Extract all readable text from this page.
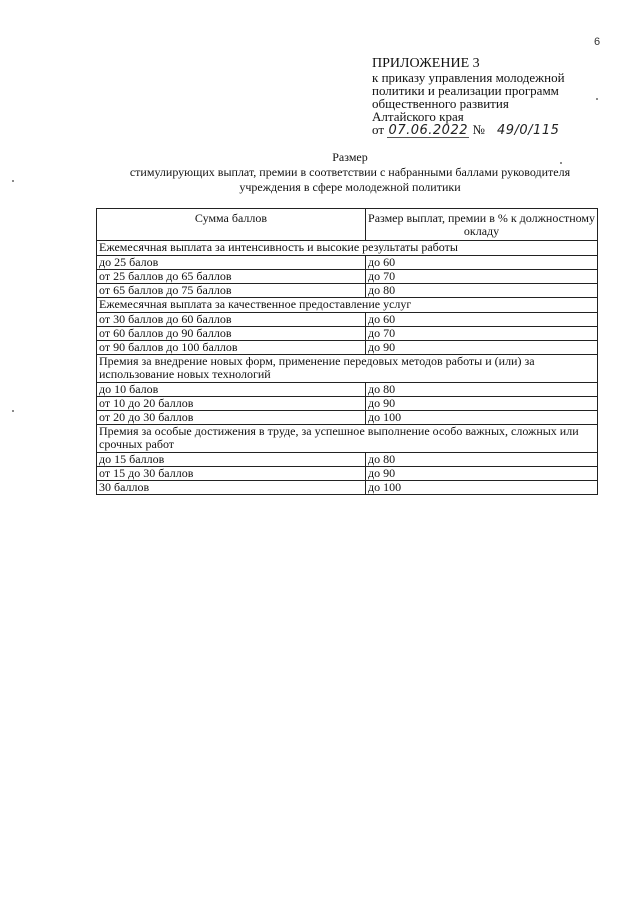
6
ПРИЛОЖЕНИЕ 3
к приказу управления молодежной
политики и реализации программ
общественного развития
Алтайского края
от 07.06.2022 № 49/0/115
Размер
стимулирующих выплат, премии в соответствии с набранными баллами руководителя
учреждения в сфере молодежной политики
Сумма баллов	Размер выплат, премии в % к должностному окладу
Ежемесячная выплата за интенсивность и высокие результаты работы	
до 25 балов	до 60
от 25 баллов до 65 баллов	до 70
от 65 баллов до 75 баллов	до 80
Ежемесячная выплата за качественное предоставление услуг	
от 30 баллов до 60 баллов	до 60
от 60 баллов до 90 баллов	до 70
от 90 баллов до 100 баллов	до 90
Премия за внедрение новых форм, применение передовых методов работы и (или) за использование новых технологий	
до 10 балов	до 80
от 10 до 20 баллов	до 90
от 20 до 30 баллов	до 100
Премия за особые достижения в труде, за успешное выполнение особо важных, сложных или срочных работ	
до 15 баллов	до 80
от 15 до 30 баллов	до 90
30 баллов	до 100
